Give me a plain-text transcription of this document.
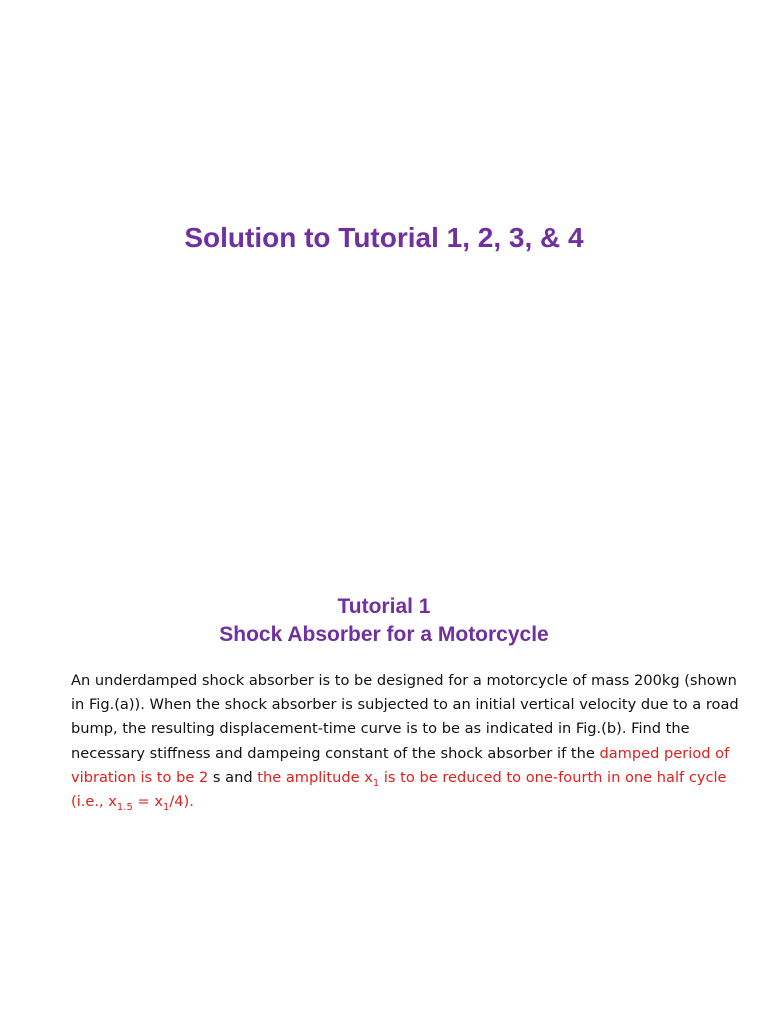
Solution to Tutorial 1, 2, 3, & 4
Tutorial 1
Shock Absorber for a Motorcycle
An underdamped shock absorber is to be designed for a motorcycle of mass 200kg (shown in Fig.(a)). When the shock absorber is subjected to an initial vertical velocity due to a road bump, the resulting displacement-time curve is to be as indicated in Fig.(b). Find the necessary stiffness and dampeing constant of the shock absorber if the damped period of vibration is to be 2 s and the amplitude $x_1$ is to be reduced to one-fourth in one half cycle (i.e., $x_{1.5} = x_1/4$).
